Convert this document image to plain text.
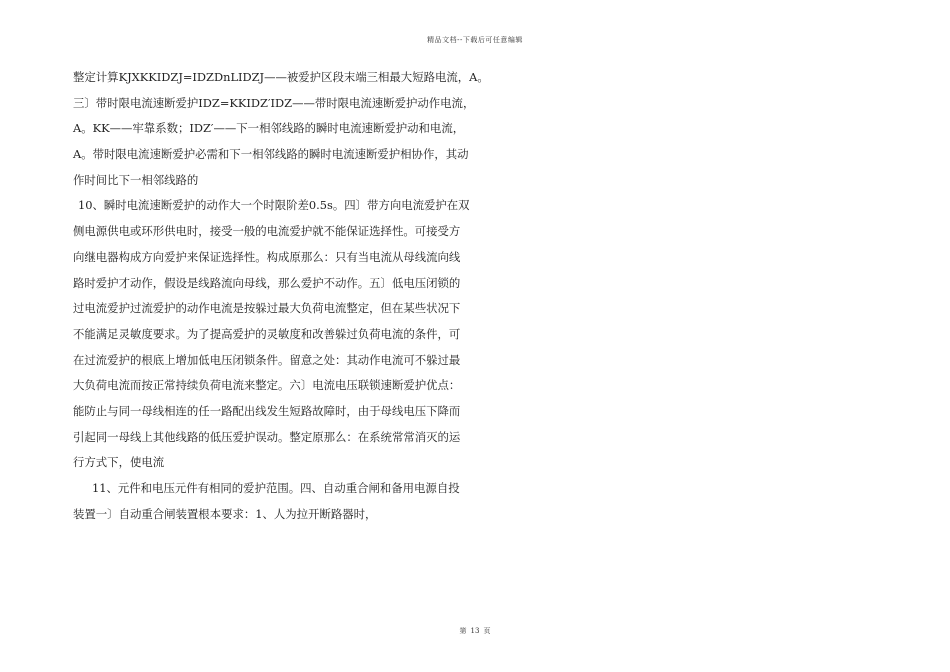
精品文档--下载后可任意编辑
整定计算KJXKKIDZJ=IDZDnLIDZJ——被爱护区段末端三相最大短路电流，A。
三〕带时限电流速断爱护IDZ=KKIDZ′IDZ——带时限电流速断爱护动作电流，
A。KK——牢靠系数；IDZ′——下一相邻线路的瞬时电流速断爱护动和电流，
A。带时限电流速断爱护必需和下一相邻线路的瞬时电流速断爱护相协作，其动
作时间比下一相邻线路的
10、瞬时电流速断爱护的动作大一个时限阶差0.5s。四〕带方向电流爱护在双
侧电源供电或环形供电时，接受一般的电流爱护就不能保证选择性。可接受方
向继电器构成方向爱护来保证选择性。构成原那么：只有当电流从母线流向线
路时爱护才动作，假设是线路流向母线，那么爱护不动作。五〕低电压闭锁的
过电流爱护过流爱护的动作电流是按躲过最大负荷电流整定，但在某些状况下
不能满足灵敏度要求。为了提高爱护的灵敏度和改善躲过负荷电流的条件，可
在过流爱护的根底上增加低电压闭锁条件。留意之处：其动作电流可不躲过最
大负荷电流而按正常持续负荷电流来整定。六〕电流电压联锁速断爱护优点：
能防止与同一母线相连的任一路配出线发生短路故障时，由于母线电压下降而
引起同一母线上其他线路的低压爱护误动。整定原那么：在系统常常消灭的运
行方式下，使电流
11、元件和电压元件有相同的爱护范围。四、自动重合闸和备用电源自投
装置一〕自动重合闸装置根本要求：1、人为拉开断路器时，
第 13 页
